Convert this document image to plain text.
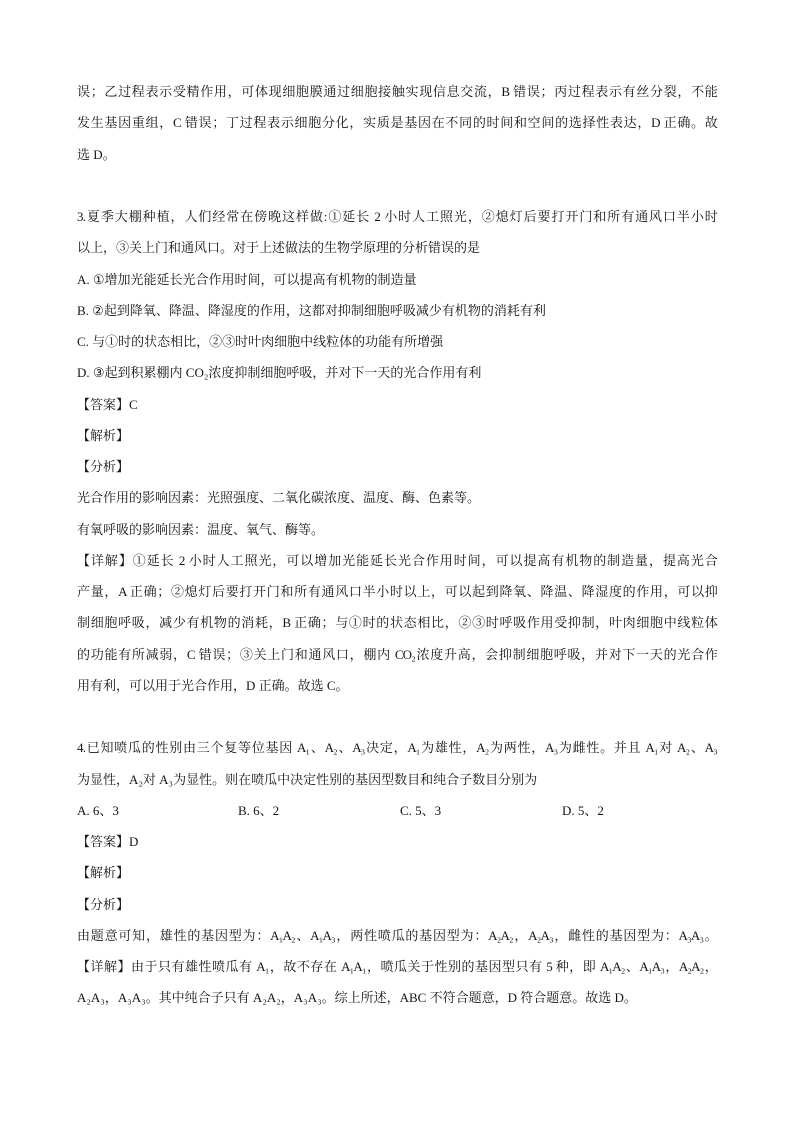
误；乙过程表示受精作用，可体现细胞膜通过细胞接触实现信息交流，B 错误；丙过程表示有丝分裂，不能
发生基因重组，C 错误；丁过程表示细胞分化，实质是基因在不同的时间和空间的选择性表达，D 正确。故
选 D。
3.夏季大棚种植，人们经常在傍晚这样做:①延长 2 小时人工照光，②熄灯后要打开门和所有通风口半小时
以上，③关上门和通风口。对于上述做法的生物学原理的分析错误的是
A. ①增加光能延长光合作用时间，可以提高有机物的制造量
B. ②起到降氧、降温、降湿度的作用，这都对抑制细胞呼吸减少有机物的消耗有利
C. 与①时的状态相比，②③时叶肉细胞中线粒体的功能有所增强
D. ③起到积累棚内 CO₂浓度抑制细胞呼吸，并对下一天的光合作用有利
【答案】C
【解析】
【分析】
光合作用的影响因素：光照强度、二氧化碳浓度、温度、酶、色素等。
有氧呼吸的影响因素：温度、氧气、酶等。
【详解】①延长 2 小时人工照光，可以增加光能延长光合作用时间，可以提高有机物的制造量，提高光合
产量，A 正确；②熄灯后要打开门和所有通风口半小时以上，可以起到降氧、降温、降湿度的作用，可以抑
制细胞呼吸，减少有机物的消耗，B 正确；与①时的状态相比，②③时呼吸作用受抑制，叶肉细胞中线粒体
的功能有所减弱，C 错误；③关上门和通风口，棚内 CO₂浓度升高，会抑制细胞呼吸，并对下一天的光合作
用有利，可以用于光合作用，D 正确。故选 C。
4.已知喷瓜的性别由三个复等位基因 A₁、A₂、A₃决定，A₁为雄性，A₂为两性，A₃为雌性。并且 A₁对 A₂、A₃
为显性，A₂对 A₃为显性。则在喷瓜中决定性别的基因型数目和纯合子数目分别为
A. 6、3	B. 6、2	C. 5、3	D. 5、2
【答案】D
【解析】
【分析】
由题意可知，雄性的基因型为：A₁A₂、A₁A₃，两性喷瓜的基因型为：A₂A₂，A₂A₃，雌性的基因型为：A₃A₃。
【详解】由于只有雄性喷瓜有 A₁，故不存在 A₁A₁，喷瓜关于性别的基因型只有 5 种，即 A₁A₂、A₁A₃，A₂A₂，
A₂A₃，A₃A₃。其中纯合子只有 A₂A₂，A₃A₃。综上所述，ABC 不符合题意，D 符合题意。故选 D。
